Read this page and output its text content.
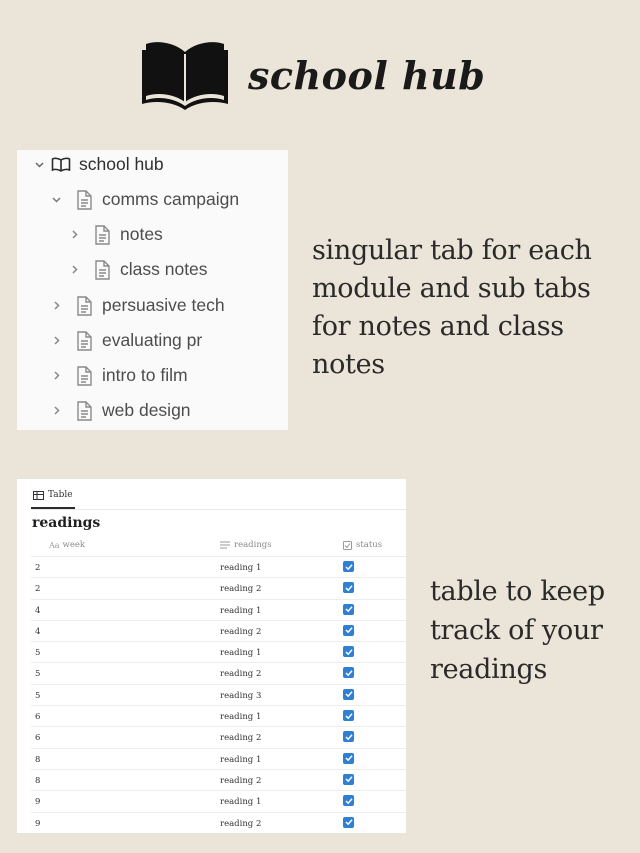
school hub
school hub
comms campaign
notes
class notes
persuasive tech
evaluating pr
intro to film
web design
singular tab for each module and sub tabs for notes and class notes
Table
readings
Aa week	readings	status
2	reading 1
2	reading 2
4	reading 1
4	reading 2
5	reading 1
5	reading 2
5	reading 3
6	reading 1
6	reading 2
8	reading 1
8	reading 2
9	reading 1
9	reading 2
table to keep track of your readings
